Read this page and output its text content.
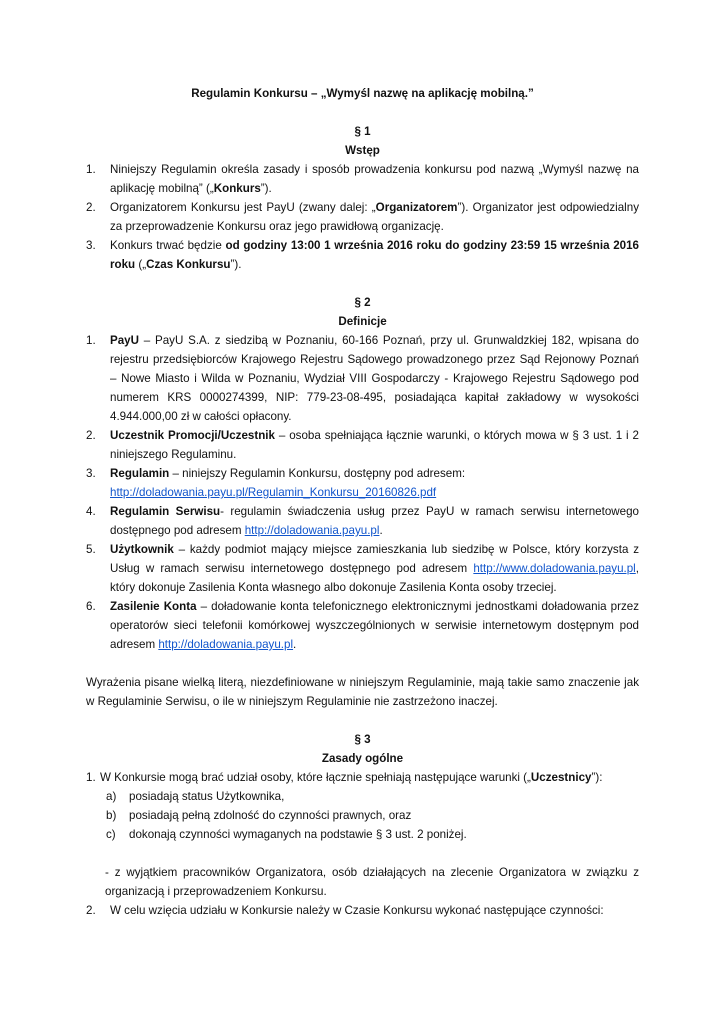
Regulamin Konkursu – „Wymyśl nazwę na aplikację mobilną.”

§ 1

Wstęp

1.	Niniejszy Regulamin określa zasady i sposób prowadzenia konkursu pod nazwą „Wymyśl nazwę na aplikację mobilną” („Konkurs”).

2.	Organizatorem Konkursu jest PayU (zwany dalej: „Organizatorem”). Organizator jest odpowiedzialny za przeprowadzenie Konkursu oraz jego prawidłową organizację.

3.	Konkurs trwać będzie od godziny 13:00 1 września 2016 roku do godziny 23:59 15 września 2016 roku („Czas Konkursu”).

§ 2

Definicje

1.	PayU – PayU S.A. z siedzibą w Poznaniu, 60-166 Poznań, przy ul. Grunwaldzkiej 182, wpisana do rejestru przedsiębiorców Krajowego Rejestru Sądowego prowadzonego przez Sąd Rejonowy Poznań – Nowe Miasto i Wilda w Poznaniu, Wydział VIII Gospodarczy - Krajowego Rejestru Sądowego pod numerem KRS 0000274399, NIP: 779-23-08-495, posiadająca kapitał zakładowy w wysokości 4.944.000,00 zł w całości opłacony.

2.	Uczestnik Promocji/Uczestnik – osoba spełniająca łącznie warunki, o których mowa w § 3 ust. 1 i 2 niniejszego Regulaminu.

3.	Regulamin – niniejszy Regulamin Konkursu, dostępny pod adresem:
http://doladowania.payu.pl/Regulamin_Konkursu_20160826.pdf

4.	Regulamin Serwisu- regulamin świadczenia usług przez PayU w ramach serwisu internetowego dostępnego pod adresem http://doladowania.payu.pl.

5.	Użytkownik – każdy podmiot mający miejsce zamieszkania lub siedzibę w Polsce, który korzysta z Usług w ramach serwisu internetowego dostępnego pod adresem http://www.doladowania.payu.pl, który dokonuje Zasilenia Konta własnego albo dokonuje Zasilenia Konta osoby trzeciej.

6.	Zasilenie Konta – doładowanie konta telefonicznego elektronicznymi jednostkami doładowania przez operatorów sieci telefonii komórkowej wyszczególnionych w serwisie internetowym dostępnym pod adresem http://doladowania.payu.pl.

Wyrażenia pisane wielką literą, niezdefiniowane w niniejszym Regulaminie, mają takie samo znaczenie jak w Regulaminie Serwisu, o ile w niniejszym Regulaminie nie zastrzeżono inaczej.

§ 3

Zasady ogólne

1. W Konkursie mogą brać udział osoby, które łącznie spełniają następujące warunki („Uczestnicy”):

a)	posiadają status Użytkownika,
b)	posiadają pełną zdolność do czynności prawnych, oraz
c)	dokonają czynności wymaganych na podstawie § 3 ust. 2 poniżej.

- z wyjątkiem pracowników Organizatora, osób działających na zlecenie Organizatora w związku z organizacją i przeprowadzeniem Konkursu.

2.	W celu wzięcia udziału w Konkursie należy w Czasie Konkursu wykonać następujące czynności:
